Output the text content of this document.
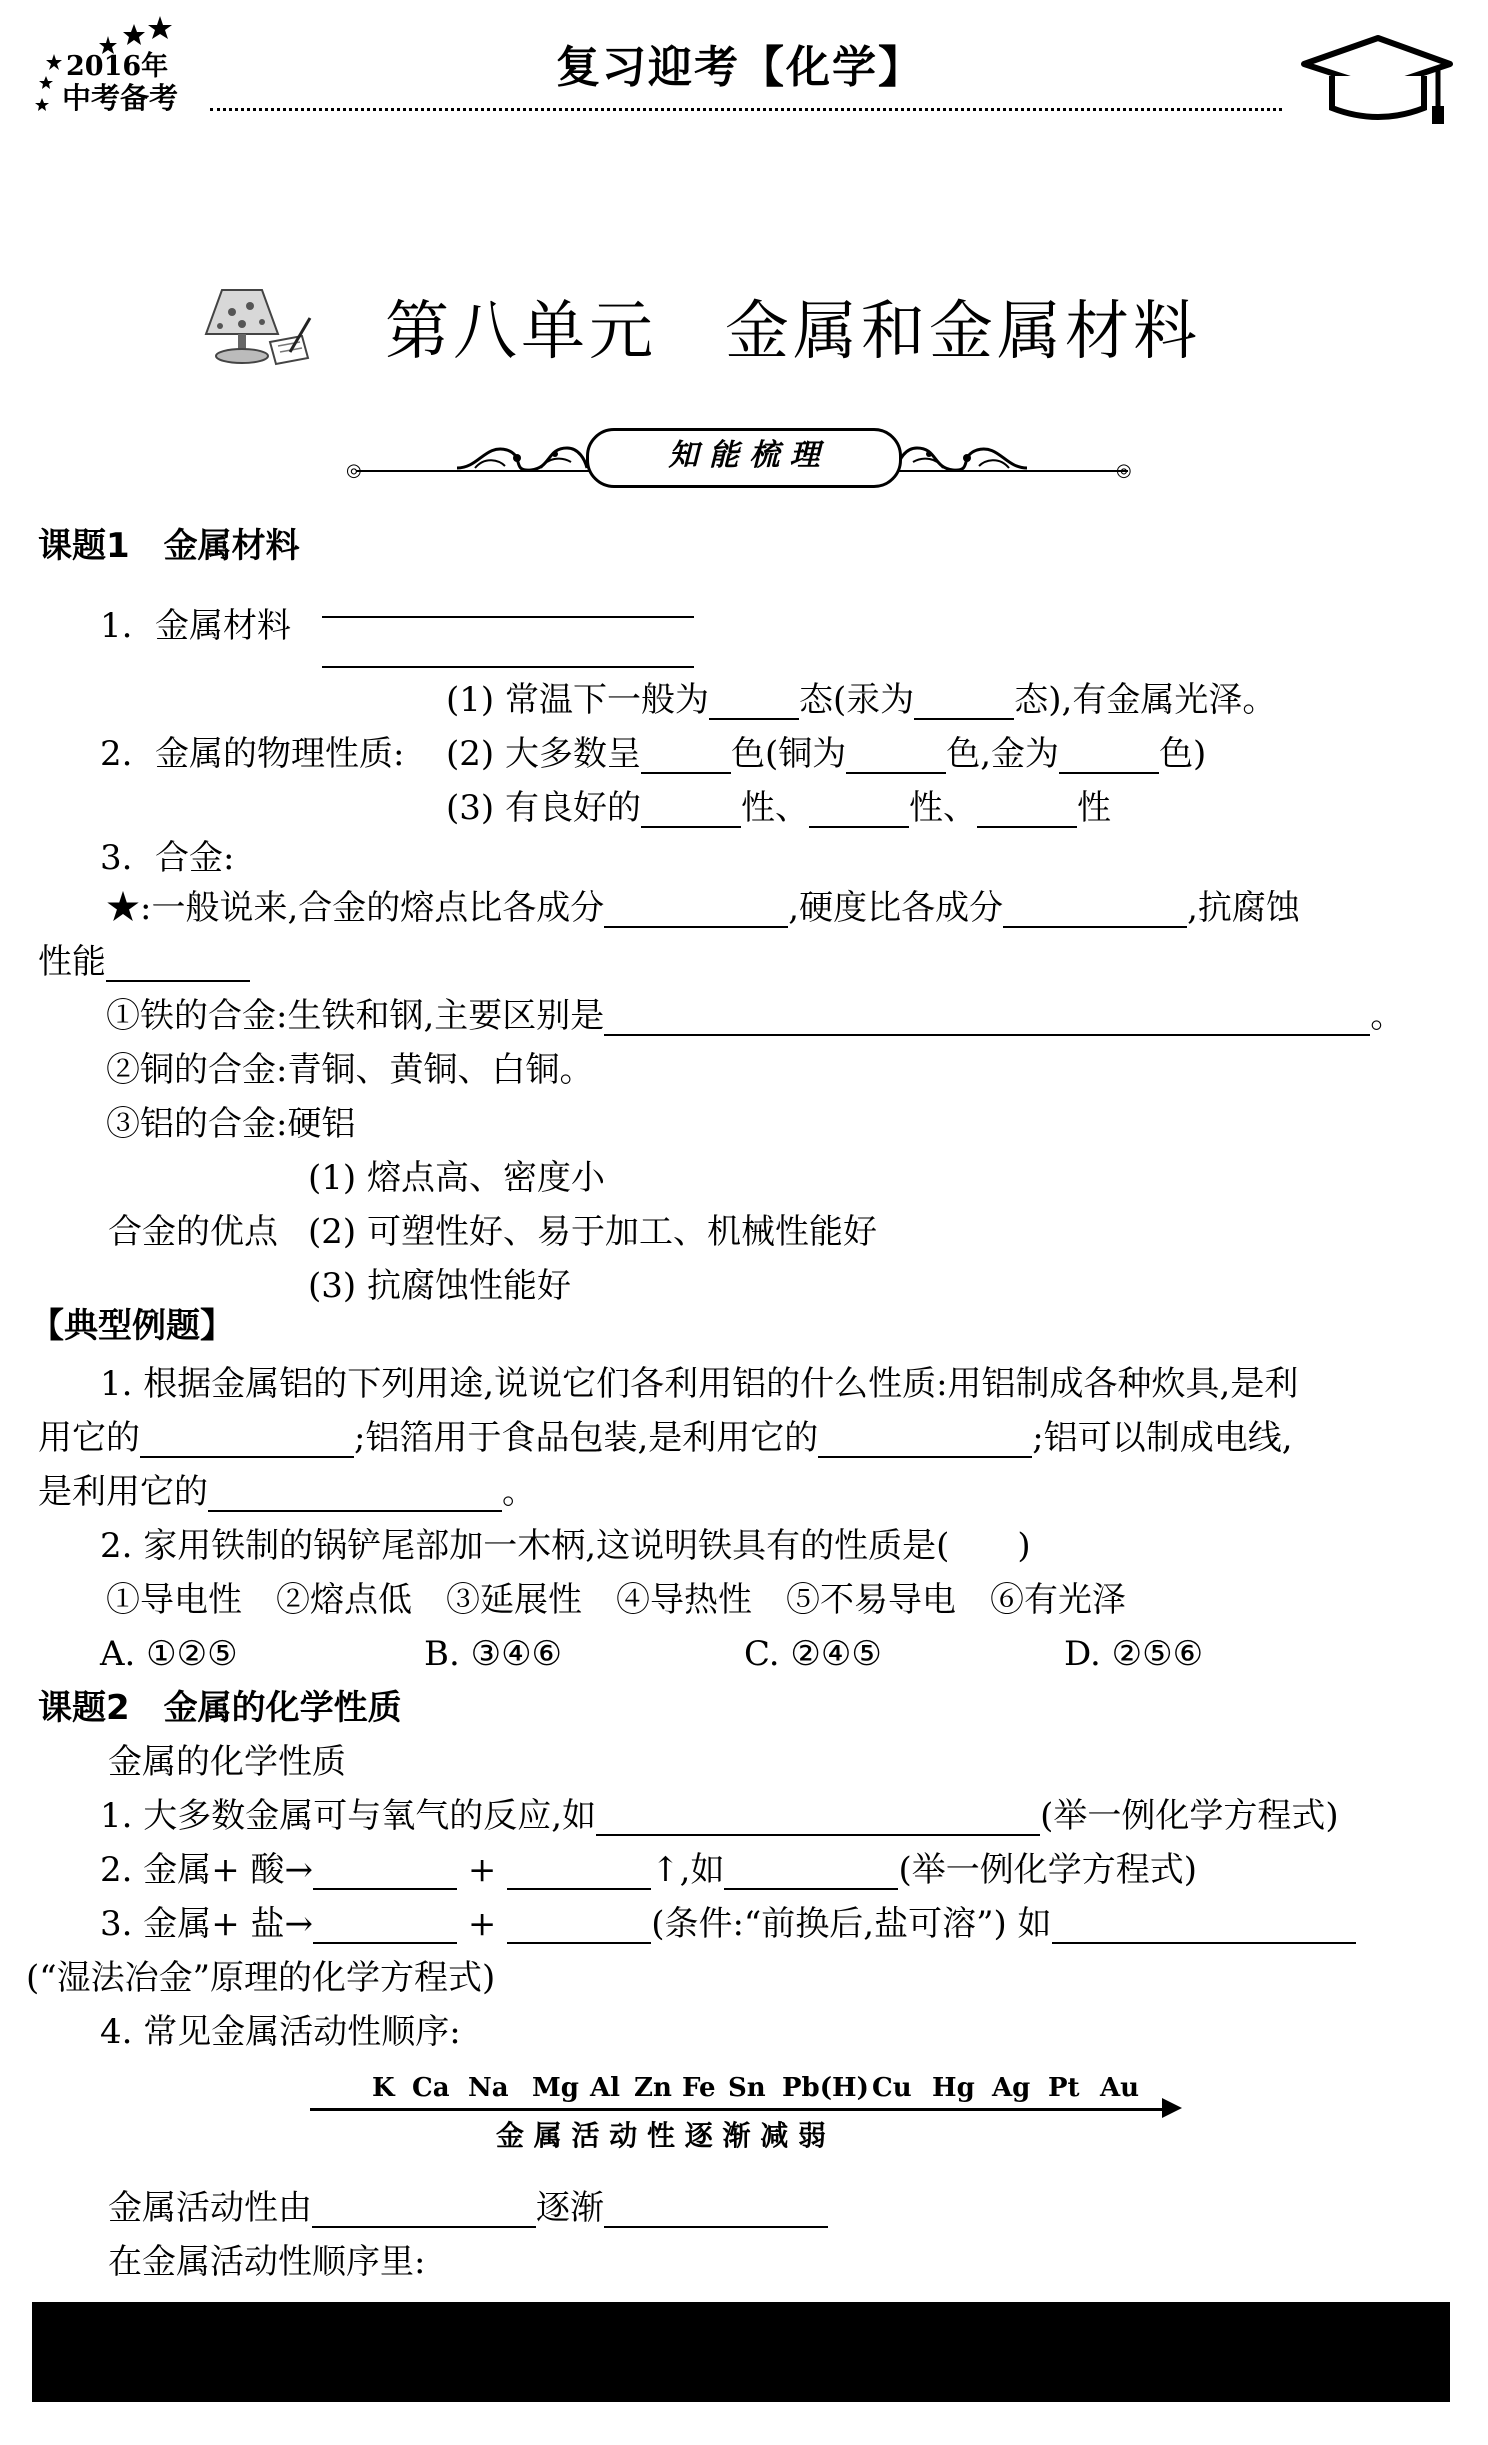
2016年
中考备考
复习迎考【化学】
第八单元　金属和金属材料
◎	◎
知 能 梳 理
课题1　金属材料
1. 金属材料
(1) 常温下一般为	态(汞为	态),有金属光泽。
2. 金属的物理性质: (2) 大多数呈	色(铜为	色,金为	色)
(3) 有良好的	性、	性、	性
3. 合金:
★:一般说来,合金的熔点比各成分	,硬度比各成分	,抗腐蚀
性能
①铁的合金:生铁和钢,主要区别是	。
②铜的合金:青铜、黄铜、白铜。
③铝的合金:硬铝
(1) 熔点高、密度小
合金的优点 (2) 可塑性好、易于加工、机械性能好
(3) 抗腐蚀性能好
【典型例题】
1. 根据金属铝的下列用途,说说它们各利用铝的什么性质:用铝制成各种炊具,是利
用它的	;铝箔用于食品包装,是利用它的	;铝可以制成电线,
是利用它的	。
2. 家用铁制的锅铲尾部加一木柄,这说明铁具有的性质是(　　)
①导电性　②熔点低　③延展性　④导热性　⑤不易导电　⑥有光泽
A. ①②⑤	B. ③④⑥	C. ②④⑤	D. ②⑤⑥
课题2　金属的化学性质
金属的化学性质
1. 大多数金属可与氧气的反应,如	(举一例化学方程式)
2. 金属+ 酸→	+	↑,如	(举一例化学方程式)
3. 金属+ 盐→	+	(条件:“前换后,盐可溶”) 如
(“湿法冶金”原理的化学方程式)
4. 常见金属活动性顺序:
K Ca Na Mg Al Zn Fe Sn Pb(H) Cu Hg Ag Pt Au
金 属 活 动 性 逐 渐 减 弱
金属活动性由	逐渐
在金属活动性顺序里:
